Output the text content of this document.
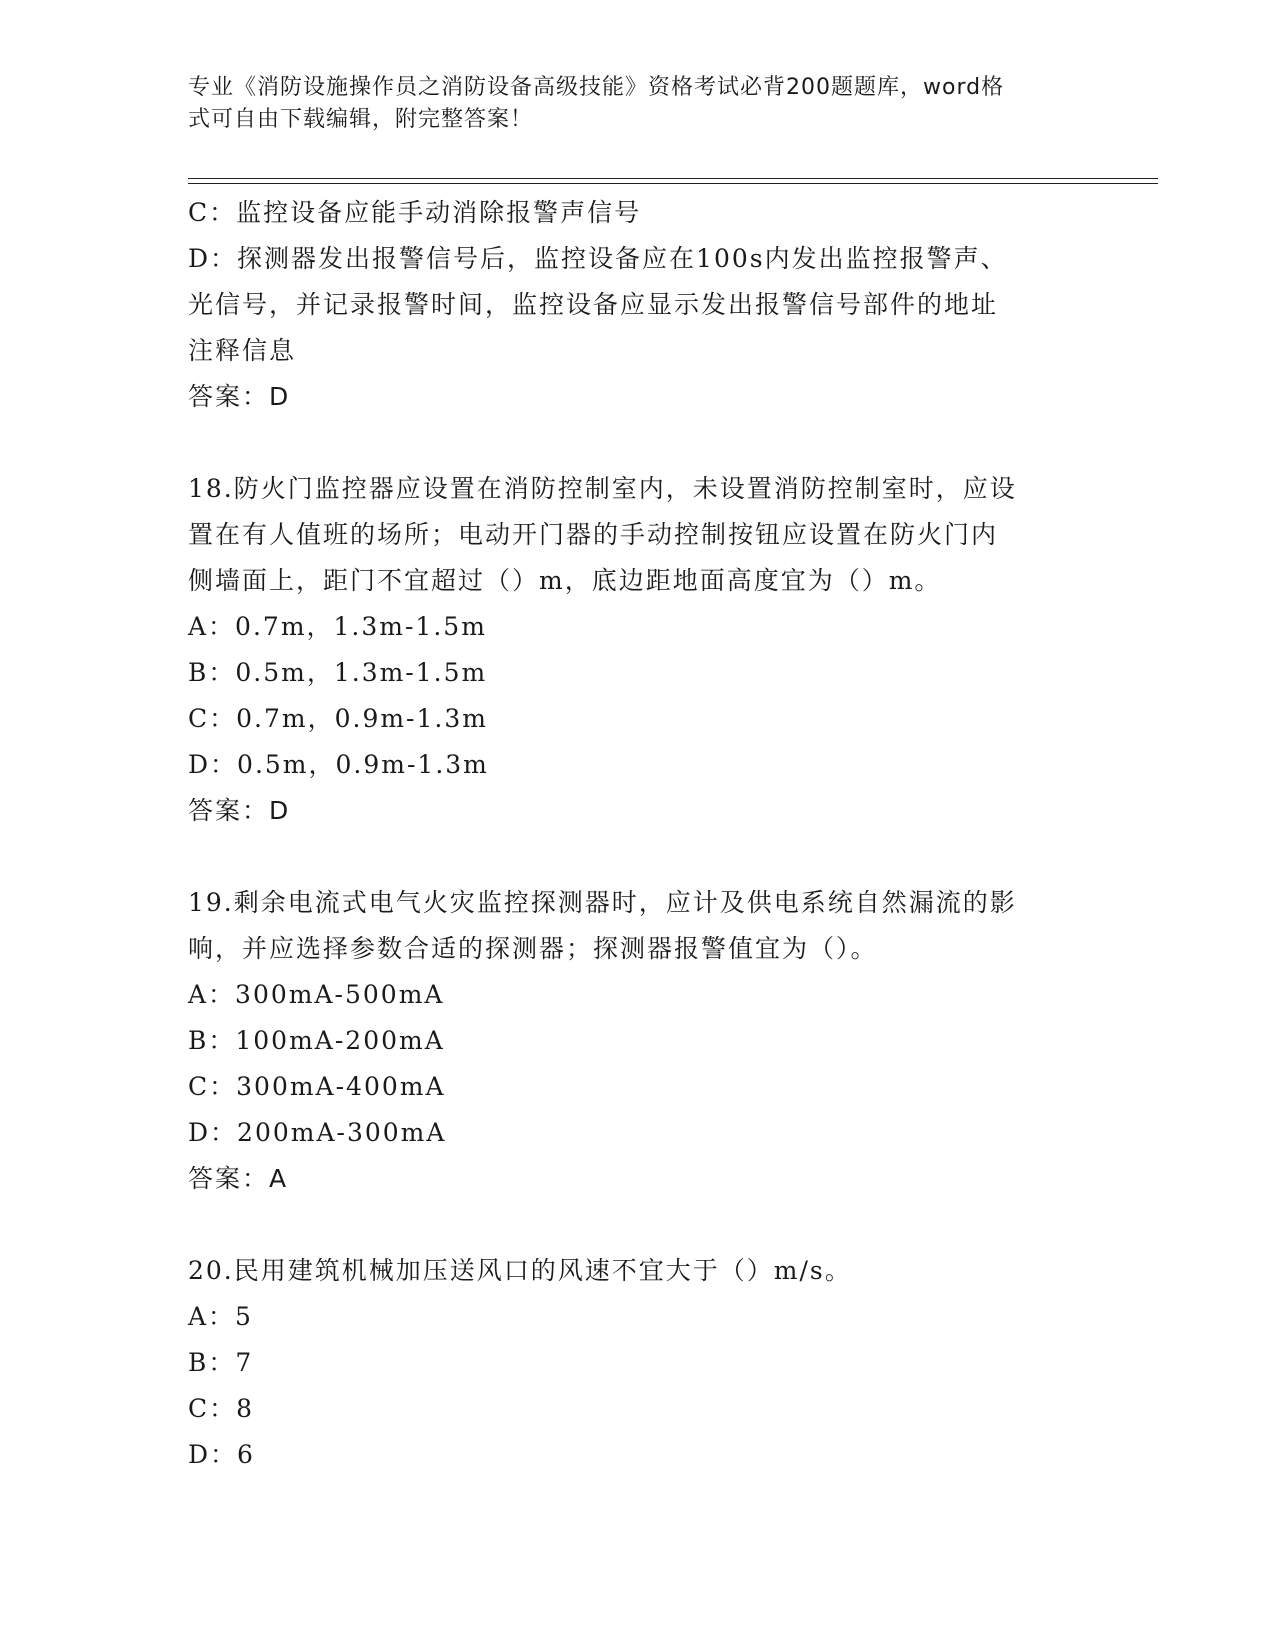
专业《消防设施操作员之消防设备高级技能》资格考试必背200题题库，word格
式可自由下载编辑，附完整答案！
C：监控设备应能手动消除报警声信号
D：探测器发出报警信号后，监控设备应在100s内发出监控报警声、
光信号，并记录报警时间，监控设备应显示发出报警信号部件的地址
注释信息
答案：D
18.防火门监控器应设置在消防控制室内，未设置消防控制室时，应设
置在有人值班的场所；电动开门器的手动控制按钮应设置在防火门内
侧墙面上，距门不宜超过（）m，底边距地面高度宜为（）m。
A：0.7m，1.3m-1.5m
B：0.5m，1.3m-1.5m
C：0.7m，0.9m-1.3m
D：0.5m，0.9m-1.3m
答案：D
19.剩余电流式电气火灾监控探测器时，应计及供电系统自然漏流的影
响，并应选择参数合适的探测器；探测器报警值宜为（）。
A：300mA-500mA
B：100mA-200mA
C：300mA-400mA
D：200mA-300mA
答案：A
20.民用建筑机械加压送风口的风速不宜大于（）m/s。
A：5
B：7
C：8
D：6
